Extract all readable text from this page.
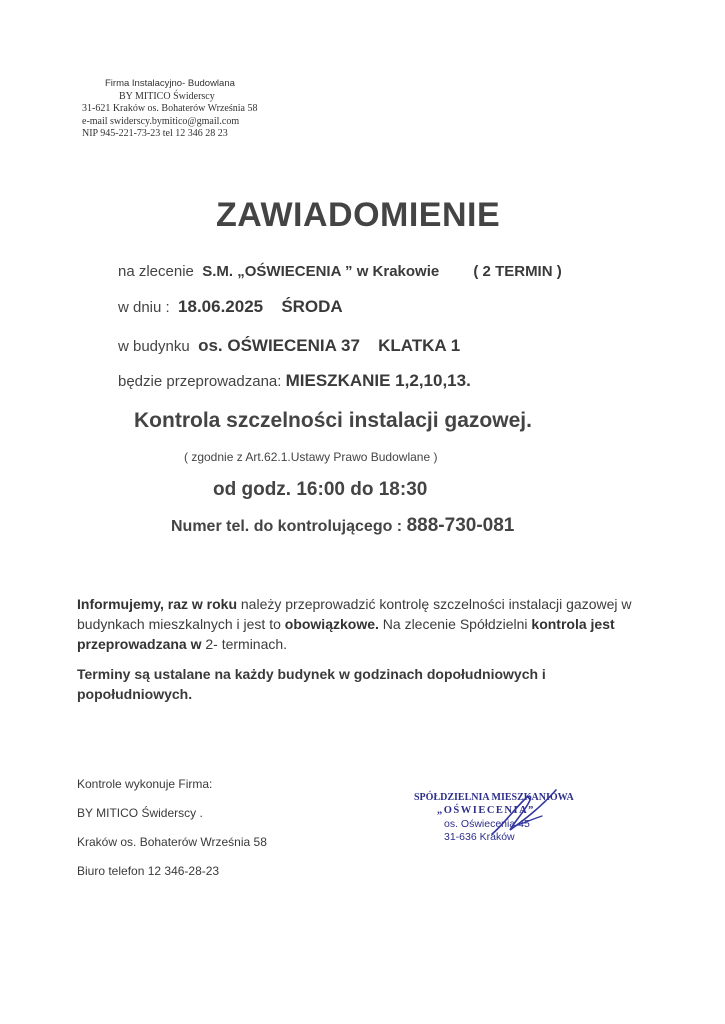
Firma Instalacyjno- Budowlana
BY MITICO Świderscy
31-621 Kraków os. Bohaterów Września 58
e-mail swiderscy.bymitico@gmail.com
NIP 945-221-73-23 tel 12 346 28 23
ZAWIADOMIENIE
na zlecenie S.M. „OŚWIECENIA ” w Krakowie ( 2 TERMIN )
w dniu : 18.06.2025 ŚRODA
w budynku os. OŚWIECENIA 37 KLATKA 1
będzie przeprowadzana: MIESZKANIE 1,2,10,13.
Kontrola szczelności instalacji gazowej.
( zgodnie z Art.62.1.Ustawy Prawo Budowlane )
od godz. 16:00 do 18:30
Numer tel. do kontrolującego : 888-730-081
Informujemy, raz w roku należy przeprowadzić kontrolę szczelności instalacji gazowej w budynkach mieszkalnych i jest to obowiązkowe. Na zlecenie Spółdzielni kontrola jest przeprowadzana w 2- terminach.
Terminy są ustalane na każdy budynek w godzinach dopołudniowych i popołudniowych.
Kontrole wykonuje Firma:
BY MITICO Świderscy .
Kraków os. Bohaterów Września 58
Biuro telefon 12 346-28-23
SPÓŁDZIELNIA MIESZKANIOWA
„OŚWIECENIA”
os. Oświecenia 45
31-636 Kraków
